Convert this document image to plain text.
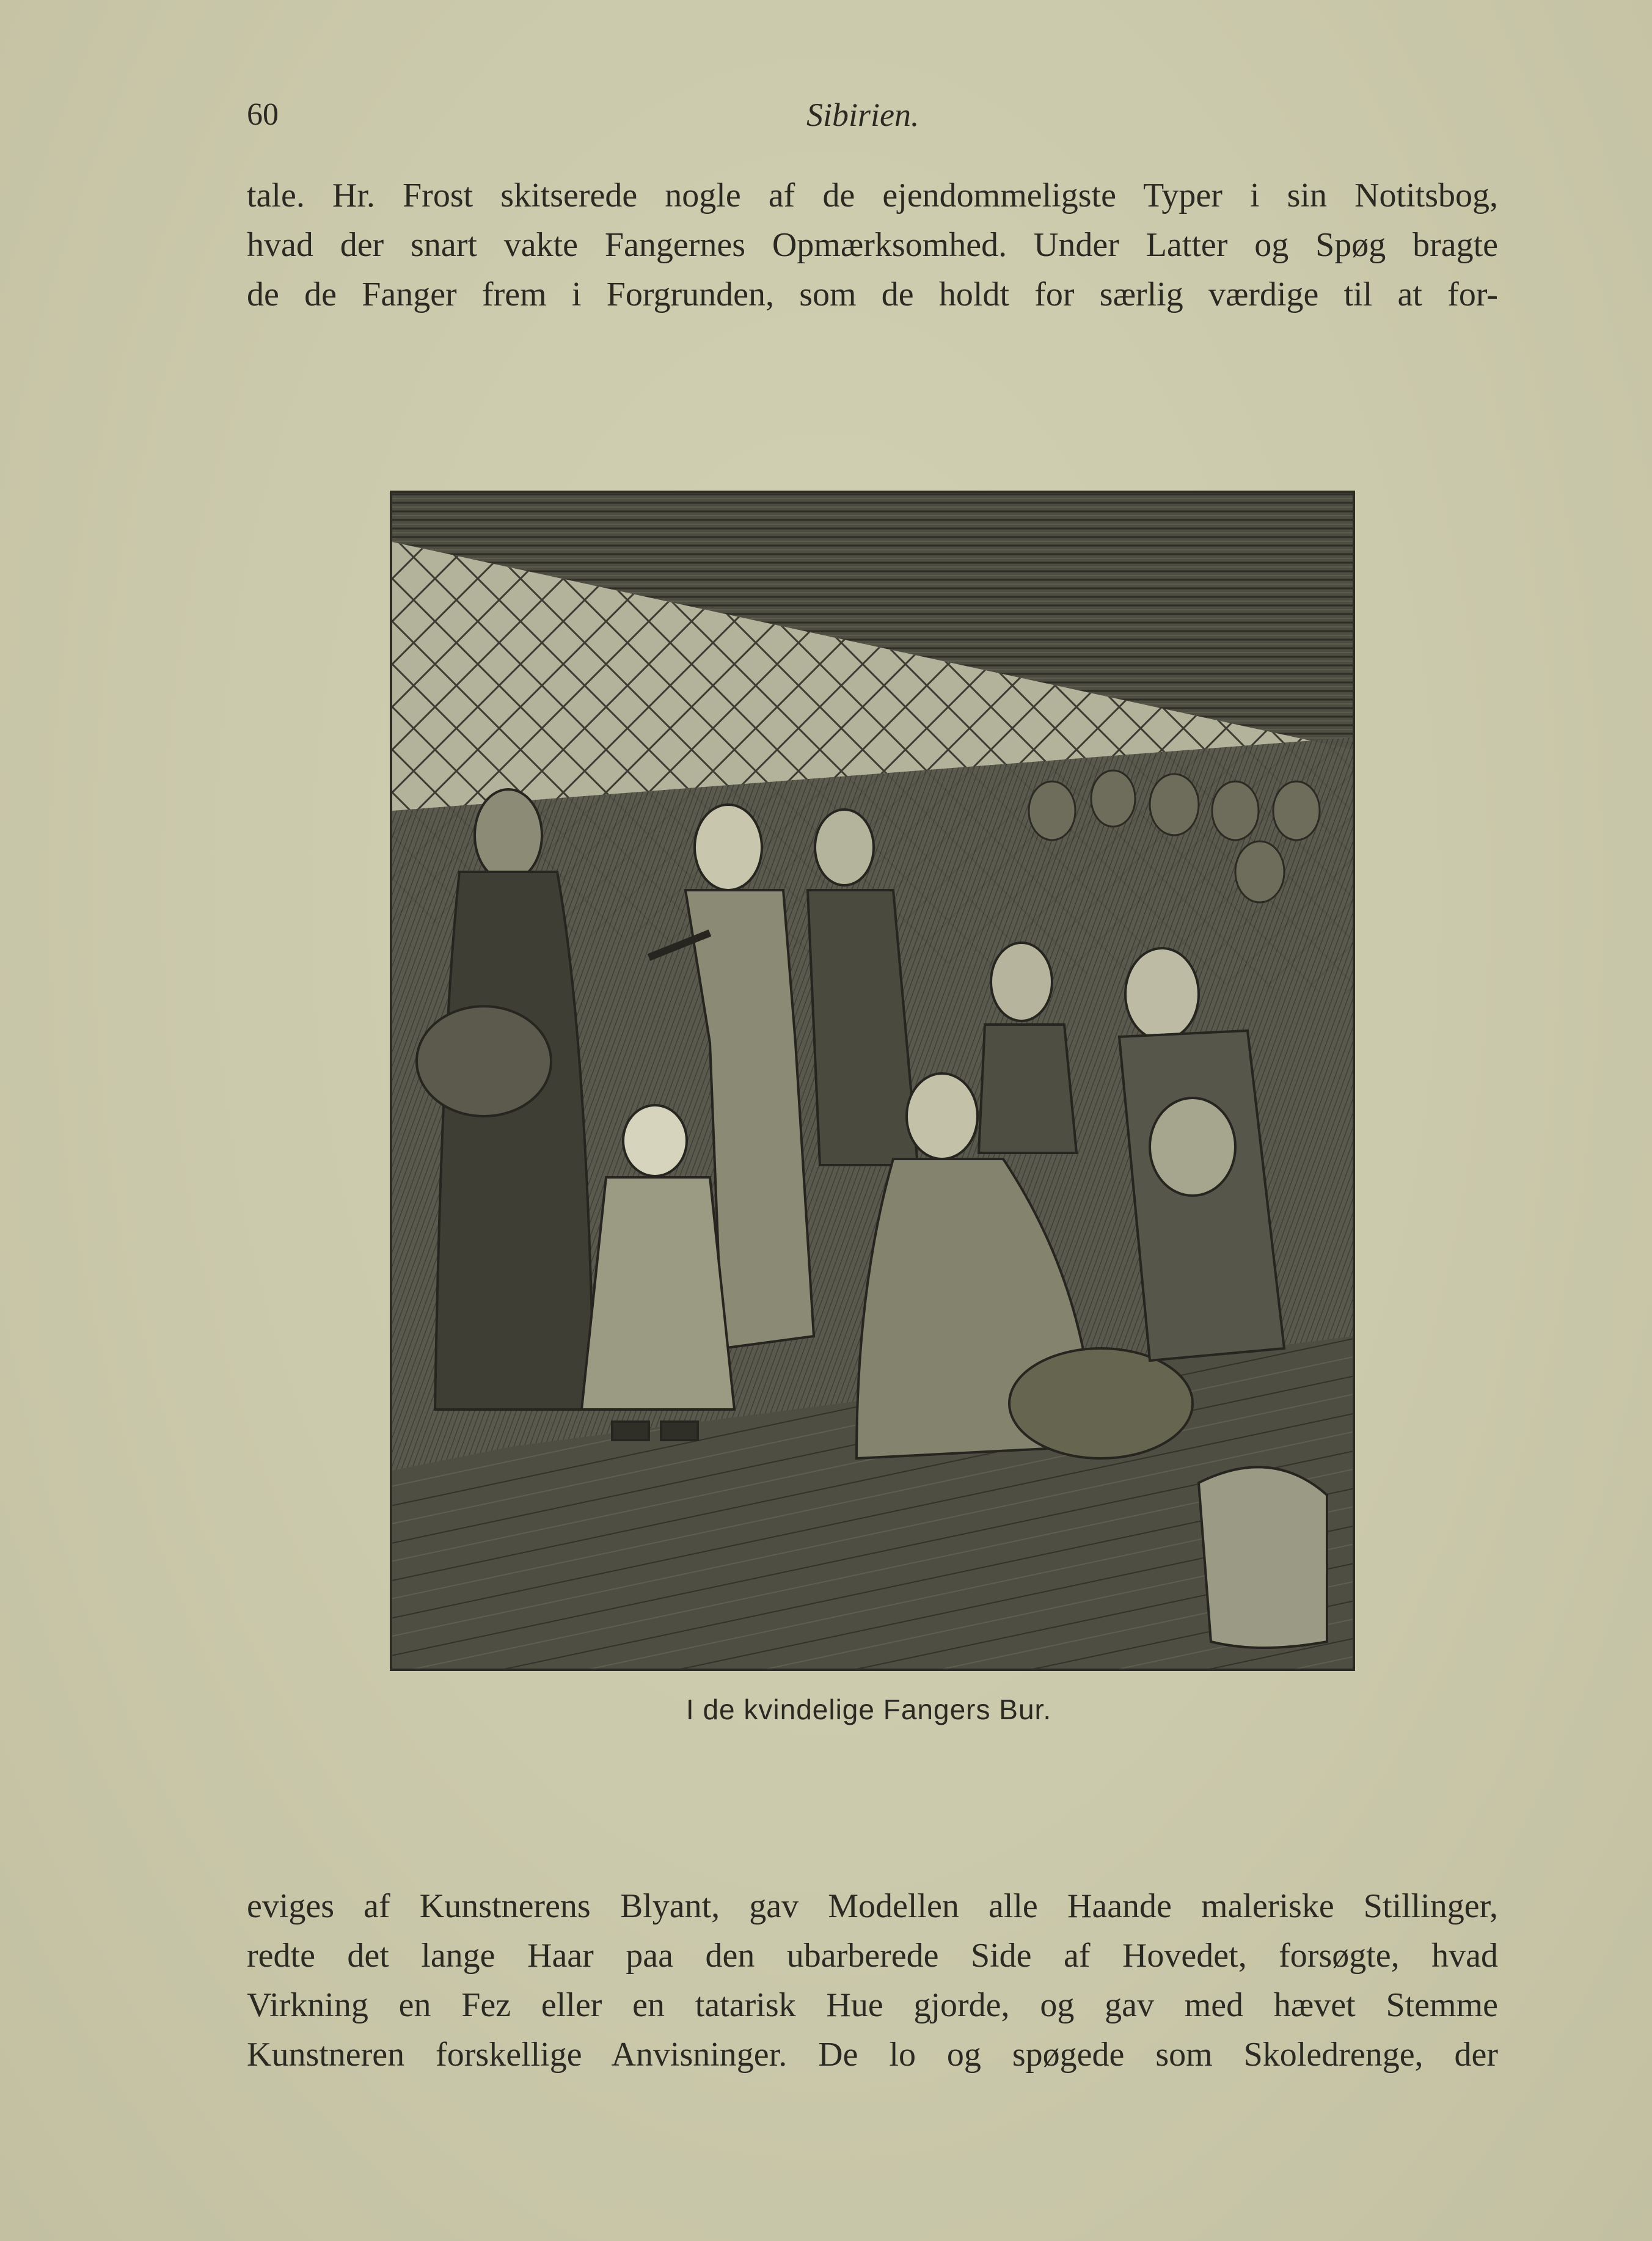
60	Sibirien.
tale. Hr. Frost skitserede nogle af de ejendommeligste Typer i sin Notitsbog,
hvad der snart vakte Fangernes Opmærksomhed. Under Latter og Spøg bragte
de de Fanger frem i Forgrunden, som de holdt for særlig værdige til at for-
I de kvindelige Fangers Bur.
eviges af Kunstnerens Blyant, gav Modellen alle Haande maleriske Stillinger,
redte det lange Haar paa den ubarberede Side af Hovedet, forsøgte, hvad
Virkning en Fez eller en tatarisk Hue gjorde, og gav med hævet Stemme
Kunstneren forskellige Anvisninger. De lo og spøgede som Skoledrenge, der
